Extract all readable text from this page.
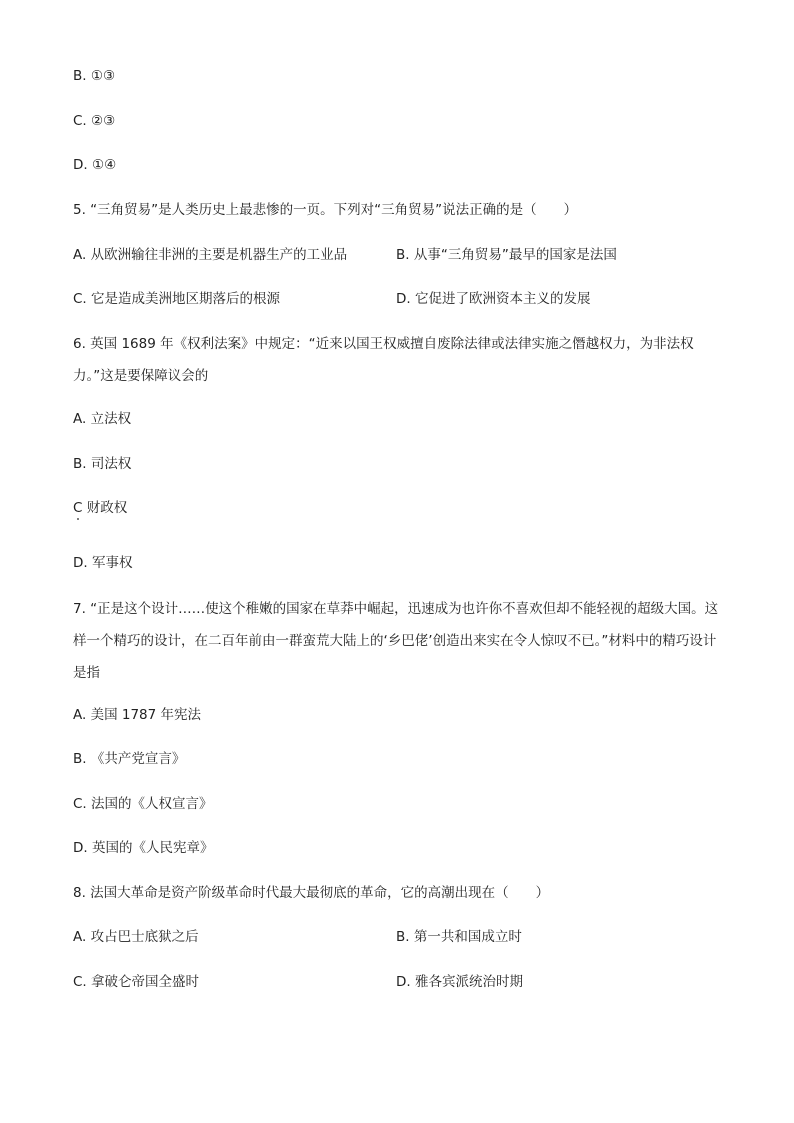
B. ①③
C. ②③
D. ①④
5. “三角贸易”是人类历史上最悲惨的一页。下列对“三角贸易”说法正确的是（　　）
A. 从欧洲输往非洲的主要是机器生产的工业品	B. 从事“三角贸易”最早的国家是法国
C. 它是造成美洲地区期落后的根源	D. 它促进了欧洲资本主义的发展
6. 英国 1689 年《权利法案》中规定：“近来以国王权威擅自废除法律或法律实施之僭越权力，为非法权力。”这是要保障议会的
A. 立法权
B. 司法权
C 财政权
D. 军事权
7. “正是这个设计……使这个稚嫩的国家在草莽中崛起，迅速成为也许你不喜欢但却不能轻视的超级大国。这样一个精巧的设计，在二百年前由一群蛮荒大陆上的‘乡巴佬’创造出来实在令人惊叹不已。”材料中的精巧设计是指
A. 美国 1787 年宪法
B. 《共产党宣言》
C. 法国的《人权宣言》
D. 英国的《人民宪章》
8. 法国大革命是资产阶级革命时代最大最彻底的革命，它的高潮出现在（　　）
A. 攻占巴士底狱之后	B. 第一共和国成立时
C. 拿破仑帝国全盛时	D. 雅各宾派统治时期
